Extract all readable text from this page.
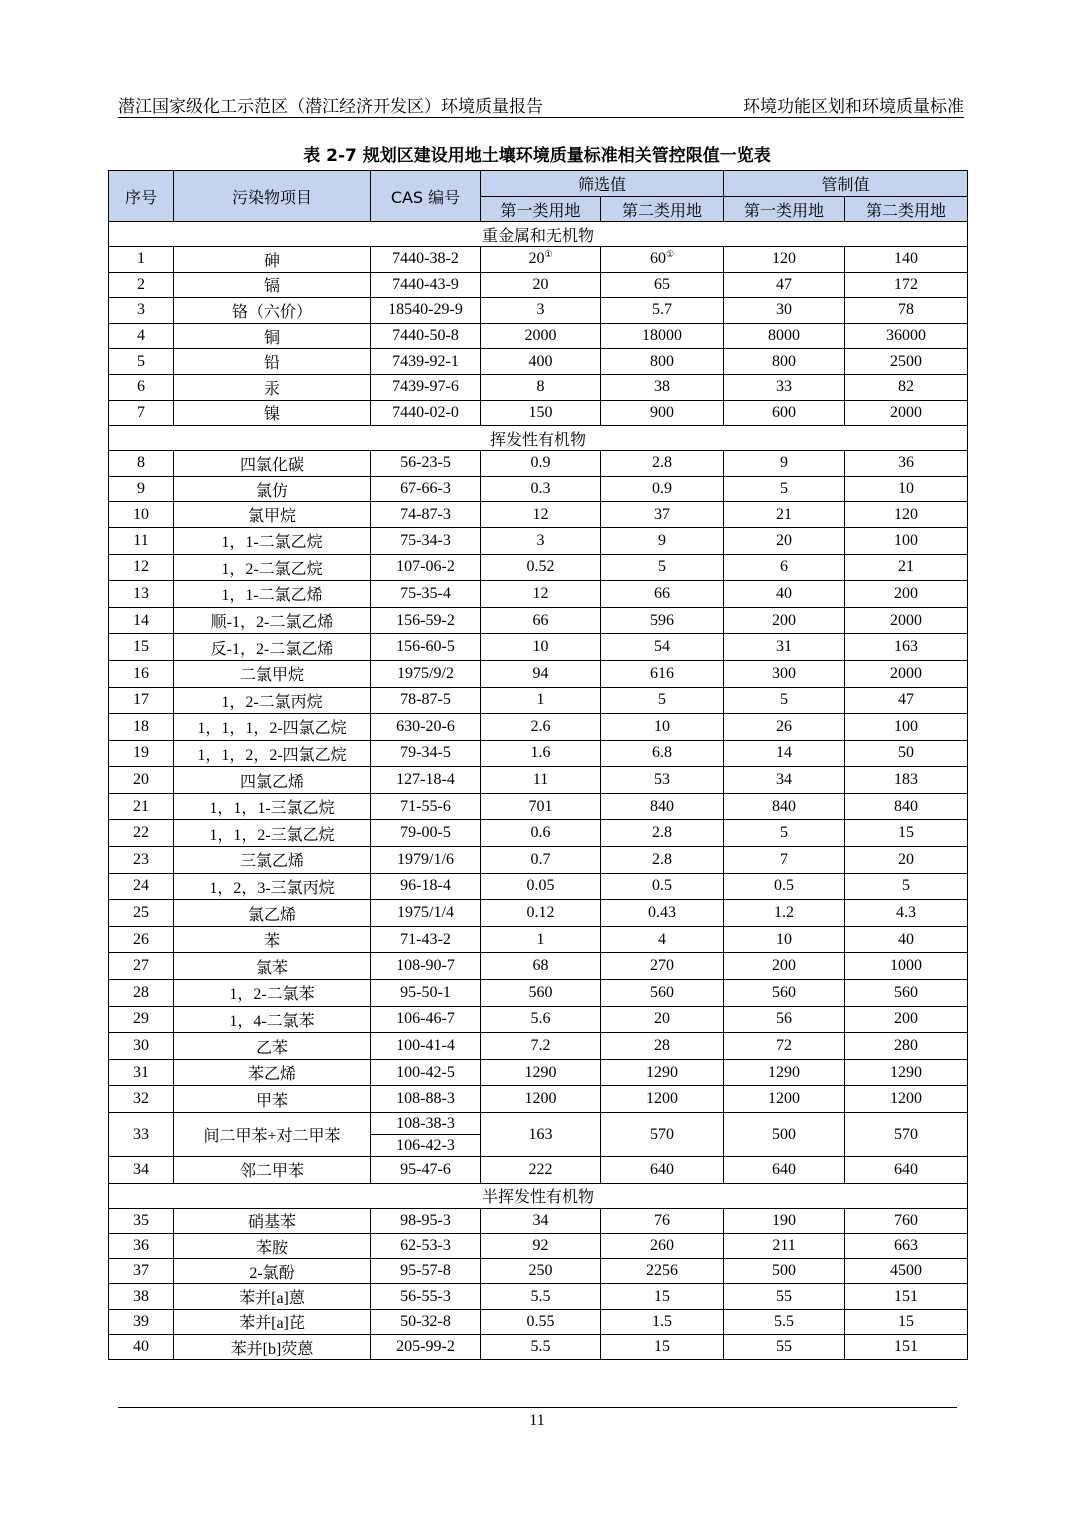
潜江国家级化工示范区（潜江经济开发区）环境质量报告	环境功能区划和环境质量标准
表 2-7 规划区建设用地土壤环境质量标准相关管控限值一览表
序号	污染物项目	CAS 编号	筛选值		管制值	
			第一类用地	第二类用地	第一类用地	第二类用地
重金属和无机物						
1	砷	7440-38-2	20①	60①	120	140
2	镉	7440-43-9	20	65	47	172
3	铬（六价）	18540-29-9	3	5.7	30	78
4	铜	7440-50-8	2000	18000	8000	36000
5	铅	7439-92-1	400	800	800	2500
6	汞	7439-97-6	8	38	33	82
7	镍	7440-02-0	150	900	600	2000
挥发性有机物						
8	四氯化碳	56-23-5	0.9	2.8	9	36
9	氯仿	67-66-3	0.3	0.9	5	10
10	氯甲烷	74-87-3	12	37	21	120
11	1，1-二氯乙烷	75-34-3	3	9	20	100
12	1，2-二氯乙烷	107-06-2	0.52	5	6	21
13	1，1-二氯乙烯	75-35-4	12	66	40	200
14	顺-1，2-二氯乙烯	156-59-2	66	596	200	2000
15	反-1，2-二氯乙烯	156-60-5	10	54	31	163
16	二氯甲烷	1975/9/2	94	616	300	2000
17	1，2-二氯丙烷	78-87-5	1	5	5	47
18	1，1，1，2-四氯乙烷	630-20-6	2.6	10	26	100
19	1，1，2，2-四氯乙烷	79-34-5	1.6	6.8	14	50
20	四氯乙烯	127-18-4	11	53	34	183
21	1，1，1-三氯乙烷	71-55-6	701	840	840	840
22	1，1，2-三氯乙烷	79-00-5	0.6	2.8	5	15
23	三氯乙烯	1979/1/6	0.7	2.8	7	20
24	1，2，3-三氯丙烷	96-18-4	0.05	0.5	0.5	5
25	氯乙烯	1975/1/4	0.12	0.43	1.2	4.3
26	苯	71-43-2	1	4	10	40
27	氯苯	108-90-7	68	270	200	1000
28	1，2-二氯苯	95-50-1	560	560	560	560
29	1，4-二氯苯	106-46-7	5.6	20	56	200
30	乙苯	100-41-4	7.2	28	72	280
31	苯乙烯	100-42-5	1290	1290	1290	1290
32	甲苯	108-88-3	1200	1200	1200	1200
33	间二甲苯+对二甲苯	108-38-3	163	570	500	570
		106-42-3				
34	邻二甲苯	95-47-6	222	640	640	640
半挥发性有机物						
35	硝基苯	98-95-3	34	76	190	760
36	苯胺	62-53-3	92	260	211	663
37	2-氯酚	95-57-8	250	2256	500	4500
38	苯并[a]蒽	56-55-3	5.5	15	55	151
39	苯并[a]芘	50-32-8	0.55	1.5	5.5	15
40	苯并[b]荧蒽	205-99-2	5.5	15	55	151
11
